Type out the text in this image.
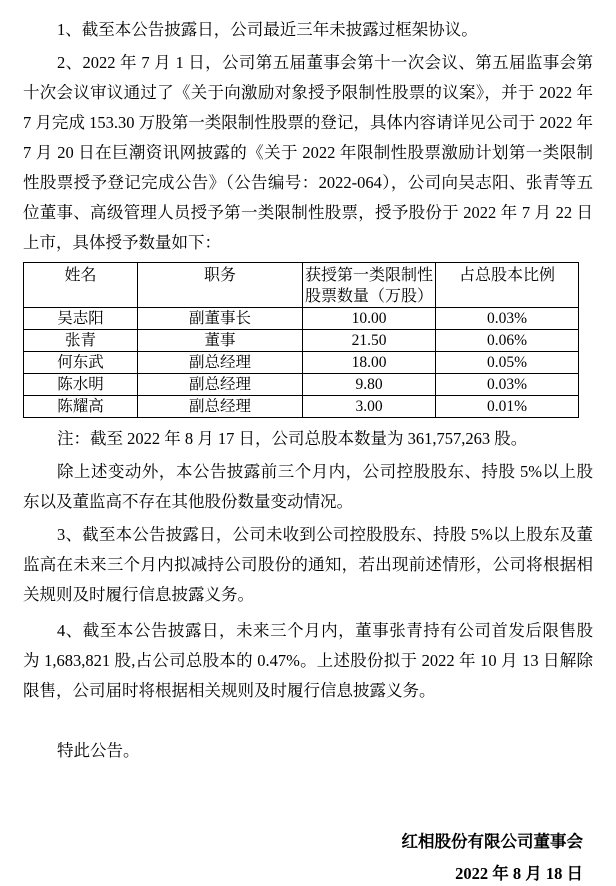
1、截至本公告披露日，公司最近三年未披露过框架协议。

2、2022 年 7 月 1 日，公司第五届董事会第十一次会议、第五届监事会第十次会议审议通过了《关于向激励对象授予限制性股票的议案》，并于 2022 年 7 月完成 153.30 万股第一类限制性股票的登记，具体内容请详见公司于 2022 年 7 月 20 日在巨潮资讯网披露的《关于 2022 年限制性股票激励计划第一类限制性股票授予登记完成公告》（公告编号：2022-064），公司向吴志阳、张青等五位董事、高级管理人员授予第一类限制性股票，授予股份于 2022 年 7 月 22 日上市，具体授予数量如下：

姓名	职务	获授第一类限制性股票数量（万股）	占总股本比例
吴志阳	副董事长	10.00	0.03%
张青	董事	21.50	0.06%
何东武	副总经理	18.00	0.05%
陈水明	副总经理	9.80	0.03%
陈耀高	副总经理	3.00	0.01%

注：截至 2022 年 8 月 17 日，公司总股本数量为 361,757,263 股。

除上述变动外，本公告披露前三个月内，公司控股股东、持股 5%以上股东以及董监高不存在其他股份数量变动情况。

3、截至本公告披露日，公司未收到公司控股股东、持股 5%以上股东及董监高在未来三个月内拟减持公司股份的通知，若出现前述情形，公司将根据相关规则及时履行信息披露义务。

4、截至本公告披露日，未来三个月内，董事张青持有公司首发后限售股为 1,683,821 股,占公司总股本的 0.47%。上述股份拟于 2022 年 10 月 13 日解除限售，公司届时将根据相关规则及时履行信息披露义务。

特此公告。

红相股份有限公司董事会

2022 年 8 月 18 日
